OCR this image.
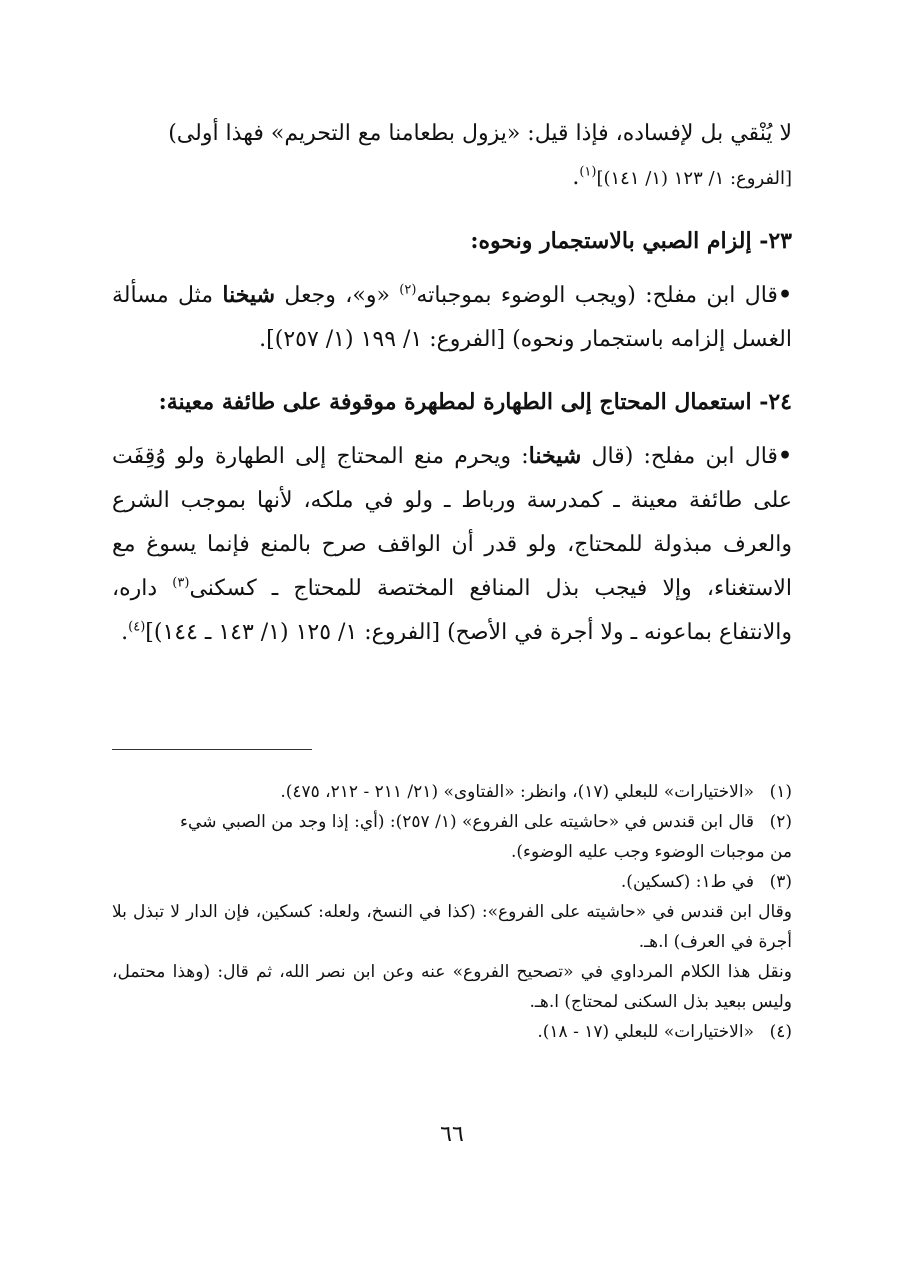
لا يُنْقي بل لإفساده، فإذا قيل: «يزول بطعامنا مع التحريم» فهذا أولى)
[الفروع: ١/ ١٢٣ (١/ ١٤١)]$^{(١)}$.

٢٣- إلزام الصبي بالاستجمار ونحوه:

•قال ابن مفلح: (ويجب الوضوء بموجباته$^{(٢)}$ «و»، وجعل شيخنا مثل مسألة الغسل إلزامه باستجمار ونحوه) [الفروع: ١/ ١٩٩ (١/ ٢٥٧)].

٢٤- استعمال المحتاج إلى الطهارة لمطهرة موقوفة على طائفة معينة:

•قال ابن مفلح: (قال شيخنا: ويحرم منع المحتاج إلى الطهارة ولو وُقِفَت على طائفة معينة ـ كمدرسة ورباط ـ ولو في ملكه، لأنها بموجب الشرع والعرف مبذولة للمحتاج، ولو قدر أن الواقف صرح بالمنع فإنما يسوغ مع الاستغناء، وإلا فيجب بذل المنافع المختصة للمحتاج ـ كسكنى$^{(٣)}$ داره، والانتفاع بماعونه ـ ولا أجرة في الأصح) [الفروع: ١/ ١٢٥ (١/ ١٤٣ ـ ١٤٤)]$^{(٤)}$.

(١)
«الاختيارات» للبعلي (١٧)، وانظر: «الفتاوى» (٢١/ ٢١١ - ٢١٢، ٤٧٥).
(٢)
قال ابن قندس في «حاشيته على الفروع» (١/ ٢٥٧): (أي: إذا وجد من الصبي شيء

من موجبات الوضوء وجب عليه الوضوء).

(٣)
في ط١: (كسكين).

وقال ابن قندس في «حاشيته على الفروع»: (كذا في النسخ، ولعله: كسكين، فإن الدار لا تبذل بلا أجرة في العرف) ا.هـ.

ونقل هذا الكلام المرداوي في «تصحيح الفروع» عنه وعن ابن نصر الله، ثم قال: (وهذا محتمل، وليس ببعيد بذل السكنى لمحتاج) ا.هـ.

(٤)
«الاختيارات» للبعلي (١٧ - ١٨).
٦٦
